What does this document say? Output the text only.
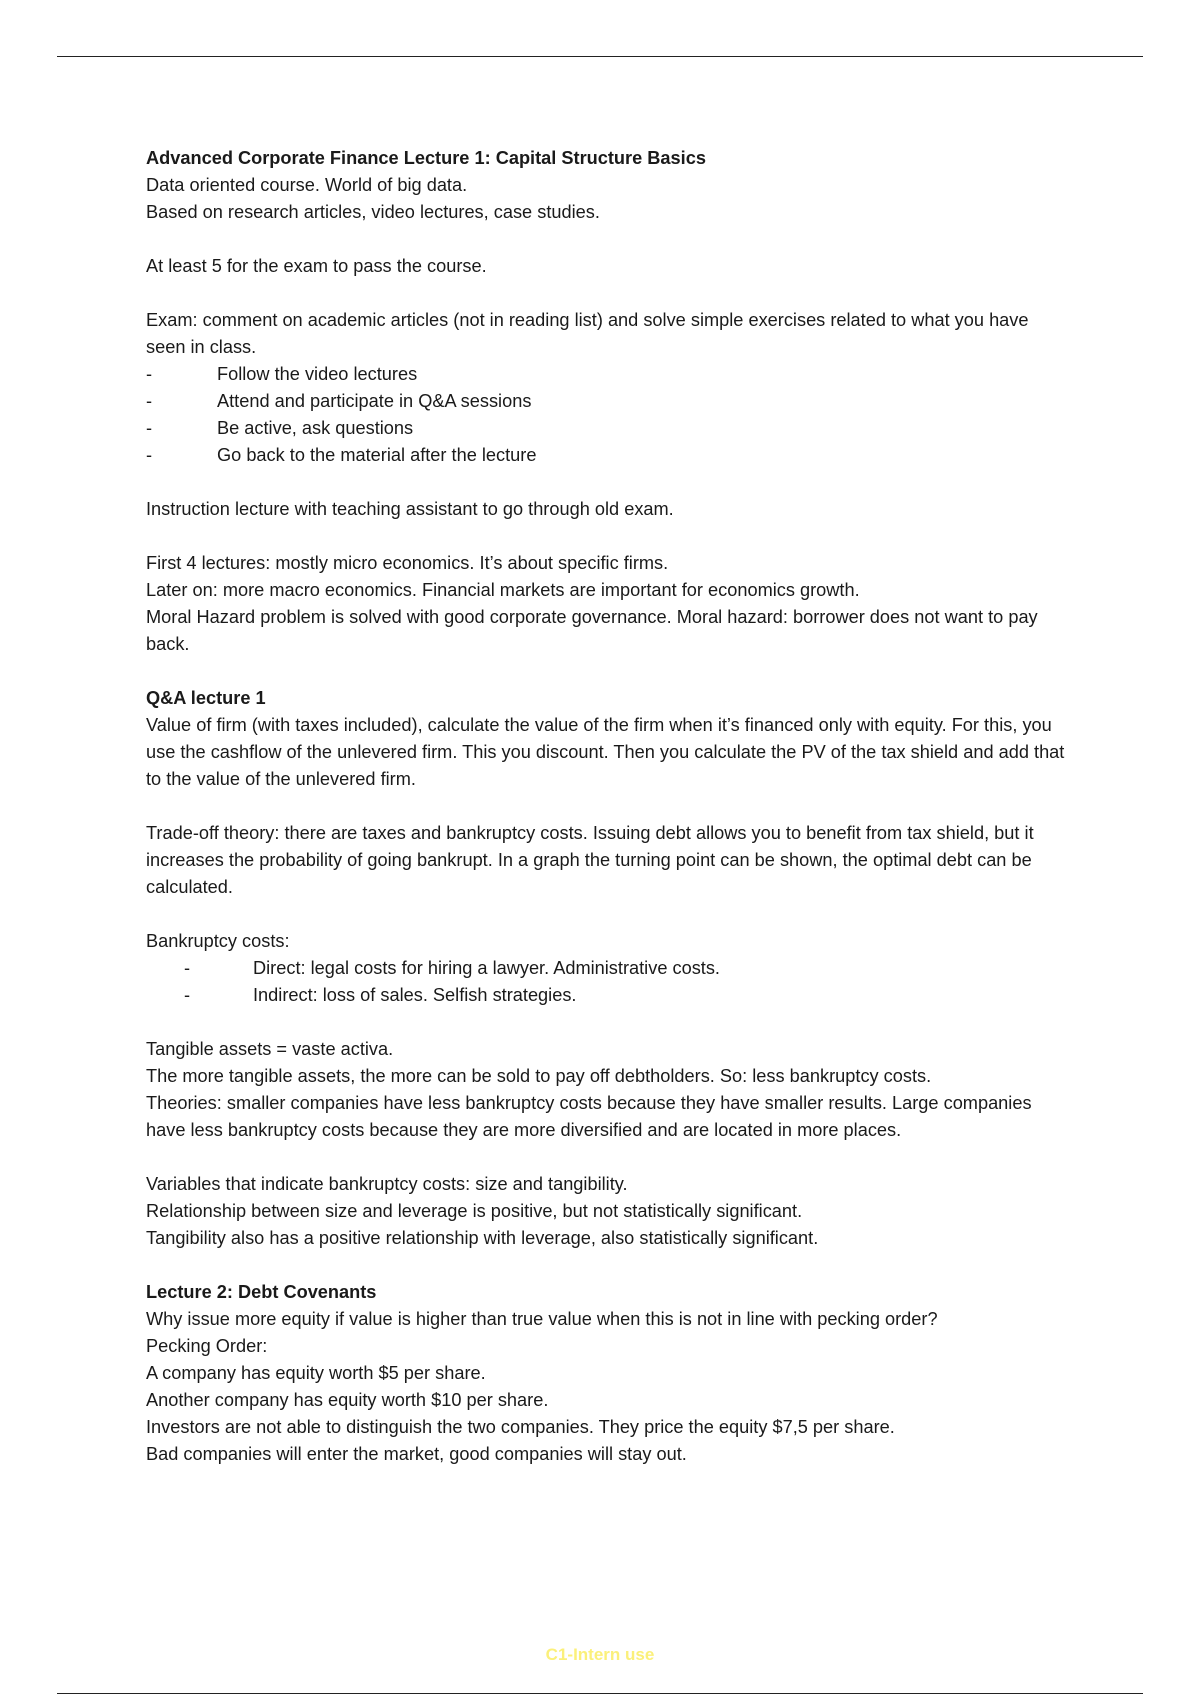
Advanced Corporate Finance Lecture 1: Capital Structure Basics

Data oriented course. World of big data.

Based on research articles, video lectures, case studies.

At least 5 for the exam to pass the course.

Exam: comment on academic articles (not in reading list) and solve simple exercises related to what you have seen in class.

-	Follow the video lectures
-	Attend and participate in Q&A sessions
-	Be active, ask questions
-	Go back to the material after the lecture

Instruction lecture with teaching assistant to go through old exam.

First 4 lectures: mostly micro economics. It’s about specific firms.

Later on: more macro economics. Financial markets are important for economics growth.

Moral Hazard problem is solved with good corporate governance. Moral hazard: borrower does not want to pay back.

Q&A lecture 1

Value of firm (with taxes included), calculate the value of the firm when it’s financed only with equity. For this, you use the cashflow of the unlevered firm. This you discount. Then you calculate the PV of the tax shield and add that to the value of the unlevered firm.

Trade-off theory: there are taxes and bankruptcy costs. Issuing debt allows you to benefit from tax shield, but it increases the probability of going bankrupt. In a graph the turning point can be shown, the optimal debt can be calculated.

Bankruptcy costs:

-	Direct: legal costs for hiring a lawyer. Administrative costs.
-	Indirect: loss of sales. Selfish strategies.

Tangible assets = vaste activa.

The more tangible assets, the more can be sold to pay off debtholders. So: less bankruptcy costs.

Theories: smaller companies have less bankruptcy costs because they have smaller results. Large companies have less bankruptcy costs because they are more diversified and are located in more places.

Variables that indicate bankruptcy costs: size and tangibility.

Relationship between size and leverage is positive, but not statistically significant.

Tangibility also has a positive relationship with leverage, also statistically significant.

Lecture 2: Debt Covenants

Why issue more equity if value is higher than true value when this is not in line with pecking order?

Pecking Order:

A company has equity worth $5 per share.

Another company has equity worth $10 per share.

Investors are not able to distinguish the two companies. They price the equity $7,5 per share.

Bad companies will enter the market, good companies will stay out.

C1-Intern use
